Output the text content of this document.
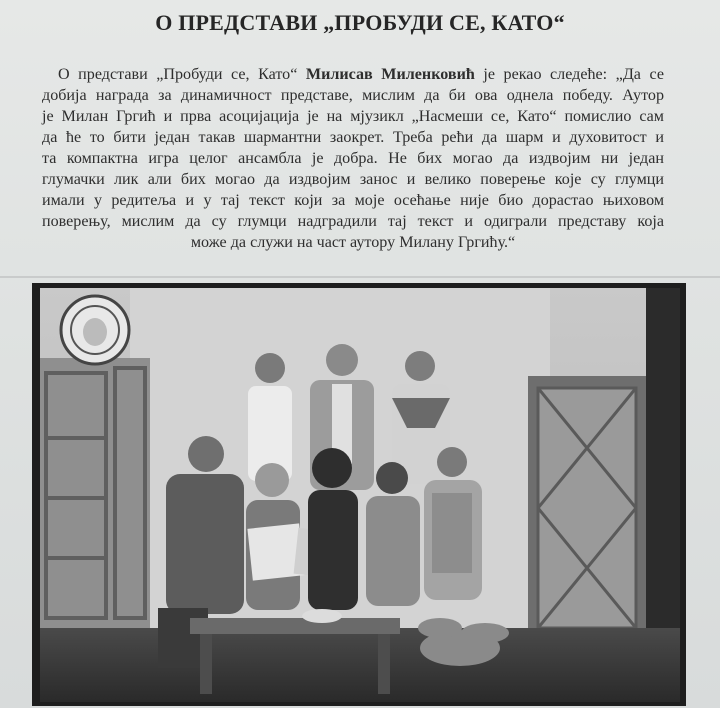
О ПРЕДСТАВИ „ПРОБУДИ СЕ, КАТО“
О представи „Пробуди се, Като“ Милисав Миленковић је рекао следеће: „Да се
добија награда за динамичност представе, мислим да би ова однела победу. Аутор
је Милан Гргић и прва асоцијација је на мјузикл „Насмеши се, Като“ помислио сам
да ће то бити један такав шармантни заокрет. Треба рећи да шарм и духовитост и
та компактна игра целог ансамбла је добра. Не бих могао да издвојим ни један
глумачки лик али бих могао да издвојим занос и велико поверење које су глумци
имали у редитеља и у тај текст који за моје осећање није био дорастао њиховом
поверењу, мислим да су глумци надградили тај текст и одиграли представу која
може да служи на част аутору Милану Гргићу.“
